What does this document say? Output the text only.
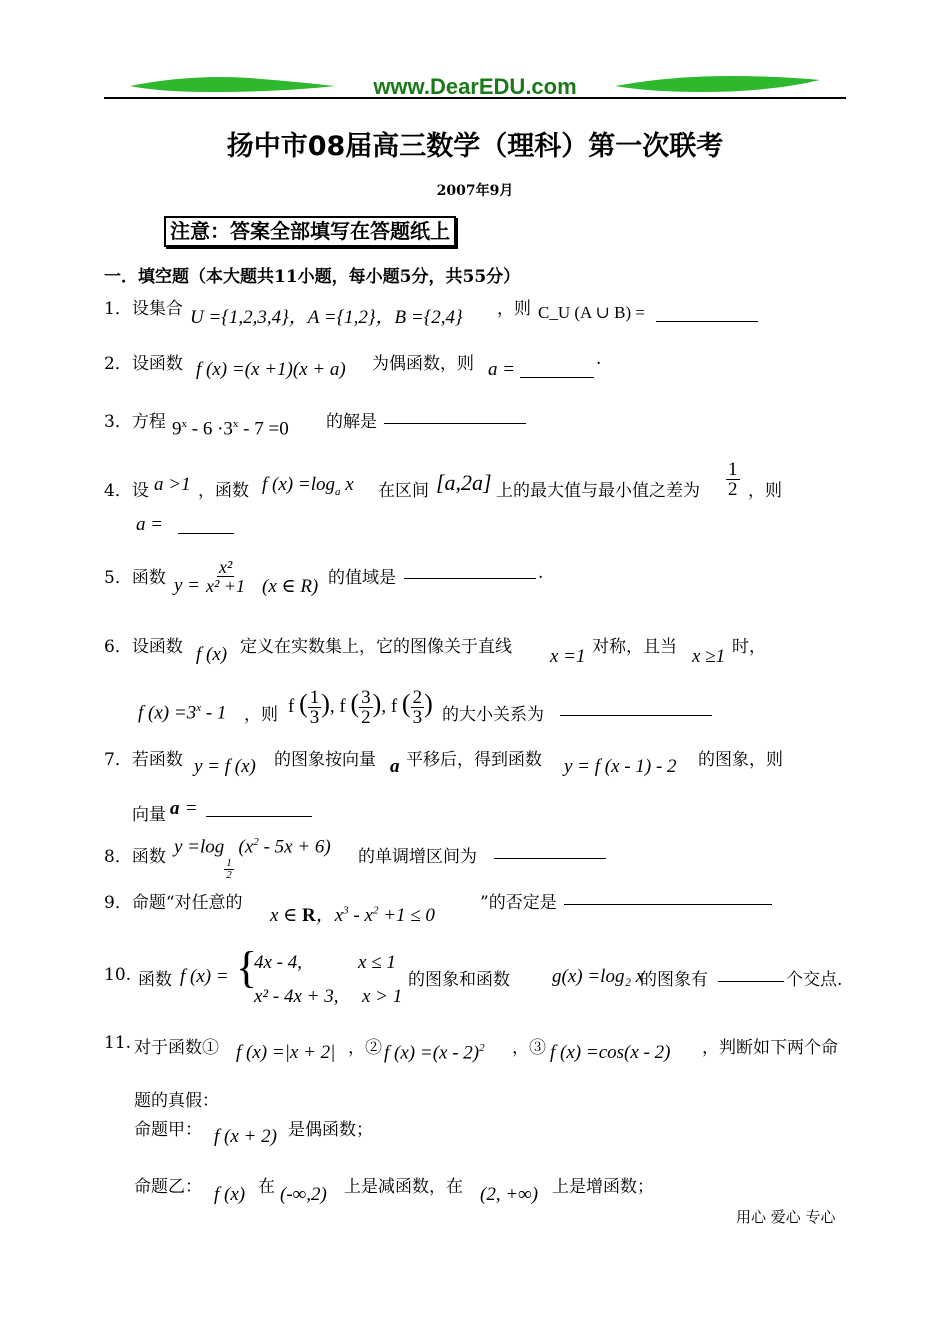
www.DearEDU.com
扬中市08届高三数学（理科）第一次联考
2007年9月
注意：答案全部填写在答题纸上
一．填空题（本大题共11小题，每小题5分，共55分）
1．设集合 U ={1,2,3,4}，A ={1,2}，B ={2,4} ，则 C_U (A ∪ B) =
2．设函数 f (x) =(x +1)(x + a) 为偶函数，则 a =	.
3．方程 $9^x - 6 \cdot 3^x - 7 =0$ 的解是
4．设 a >1 ，函数 f $(x) =\log_a$ x 在区间 [a,2a] 上的最大值与最小值之差为 $\frac{1}{2}$ ，则
a =
5．函数 $y = \frac{\text{x²}}{\text{x² +1}} (x$ ∈ R) 的值域是	.
6．设函数 f (x) 定义在实数集上，它的图像关于直线 x =1 对称，且当 x ≥1 时，
f $(x) =3^x - 1$ ，则 f ( $\frac{1}{3}$ ), f ( $\frac{3}{2}$ ), f ( $\frac{2}{3}$ ) 的大小关系为
7．若函数 y = f (x) 的图象按向量 a 平移后，得到函数 y = f (x - 1) - 2 的图象，则
向量 a =
8．函数 y =log
$\frac{1}{2}$
$(x^2 - 5x + 6)$ 的单调增区间为
9．命题“对任意的
x ∈ R，$x^3 - x^2 +1 \le 0$
”的否定是
10. 函数 f (x) = {
4x - 4,	x ≤ 1
x² - 4x + 3, x > 1
的图象和函数 g(x) =log₂ x
的图象有	个交点.
11. 对于函数① f (x) =|x + 2| ，② f (x) =(x - 2)$^2$ ，③ f (x) =cos(x - 2) ，判断如下两个命
题的真假：
命题甲： f (x + 2) 是偶函数；
命题乙： f (x) 在 (-∞,2) 上是减函数，在 (2, +∞) 上是增函数；
用心 爱心 专心
